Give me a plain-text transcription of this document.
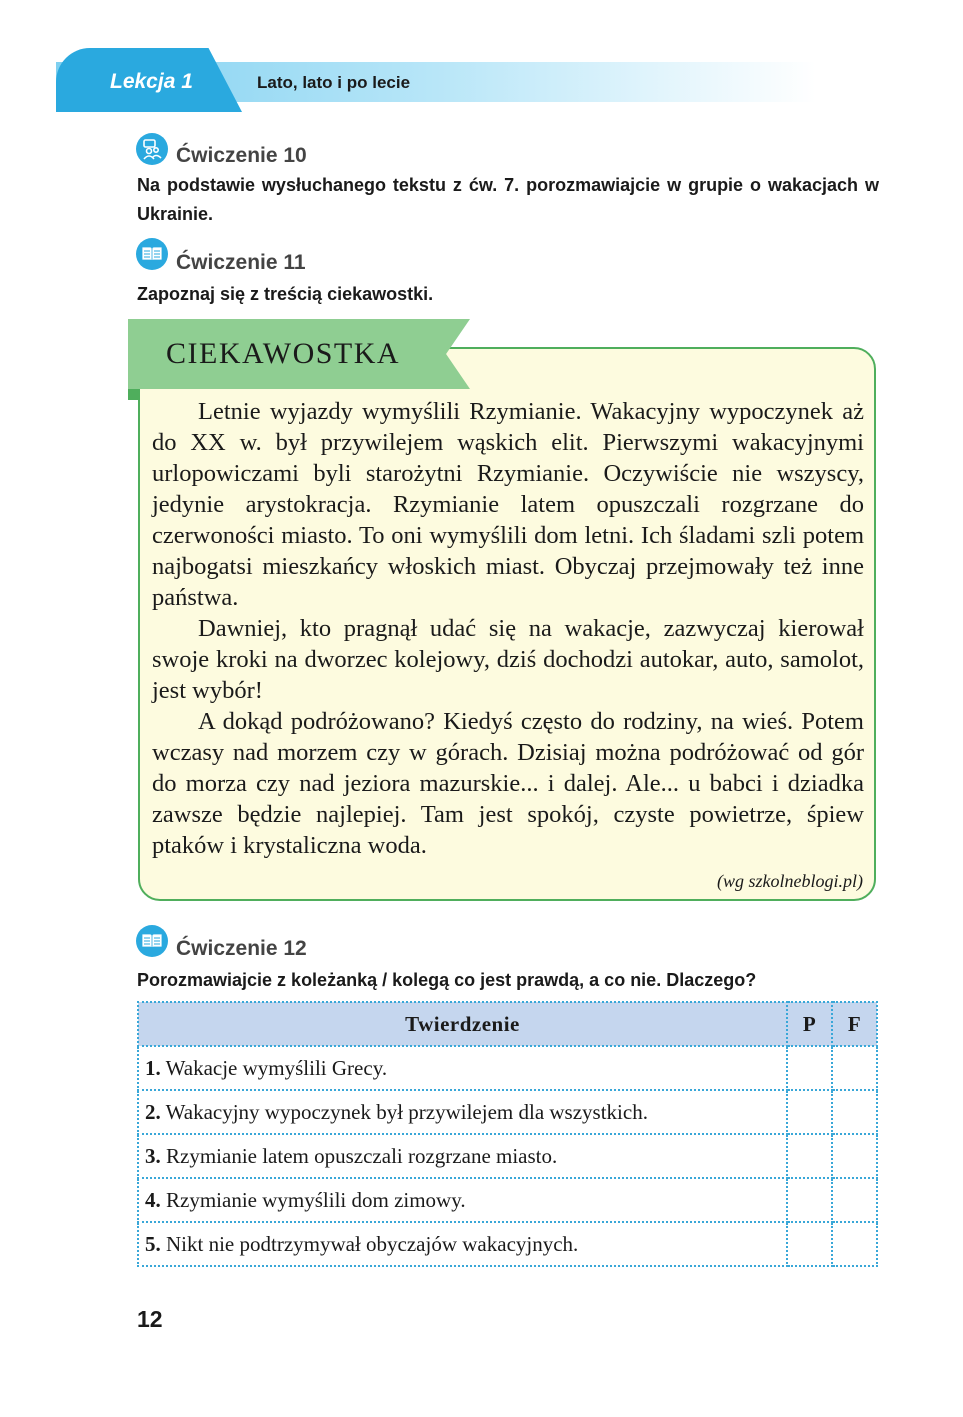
Lekcja 1	Lato, lato i po lecie
Ćwiczenie 10
Na podstawie wysłuchanego tekstu z ćw. 7. porozmawiajcie w grupie o wakacjach w Ukrainie.
Ćwiczenie 11
Zapoznaj się z treścią ciekawostki.
CIEKAWOSTKA

Letnie wyjazdy wymyślili Rzymianie. Wakacyjny wypoczynek aż do XX w. był przywilejem wąskich elit. Pierwszymi wakacyjnymi urlopowiczami byli starożytni Rzymianie. Oczywiście nie wszyscy, jedynie arystokracja. Rzymianie latem opuszczali rozgrzane do czerwoności miasto. To oni wymyślili dom letni. Ich śladami szli potem najbogatsi mieszkańcy włoskich miast. Obyczaj przejmowały też inne państwa.

Dawniej, kto pragnął udać się na wakacje, zazwyczaj kierował swoje kroki na dworzec kolejowy, dziś dochodzi autokar, auto, samolot, jest wybór!

A dokąd podróżowano? Kiedyś często do rodziny, na wieś. Potem wczasy nad morzem czy w górach. Dzisiaj można podróżować od gór do morza czy nad jeziora mazurskie... i dalej. Ale... u babci i dziadka zawsze będzie najlepiej. Tam jest spokój, czyste powietrze, śpiew ptaków i krystaliczna woda.

(wg szkolneblogi.pl)
Ćwiczenie 12
Porozmawiajcie z koleżanką / kolegą co jest prawdą, a co nie. Dlaczego?
Twierdzenie	P	F
1. Wakacje wymyślili Grecy.		
2. Wakacyjny wypoczynek był przywilejem dla wszystkich.		
3. Rzymianie latem opuszczali rozgrzane miasto.		
4. Rzymianie wymyślili dom zimowy.		
5. Nikt nie podtrzymywał obyczajów wakacyjnych.		
12
